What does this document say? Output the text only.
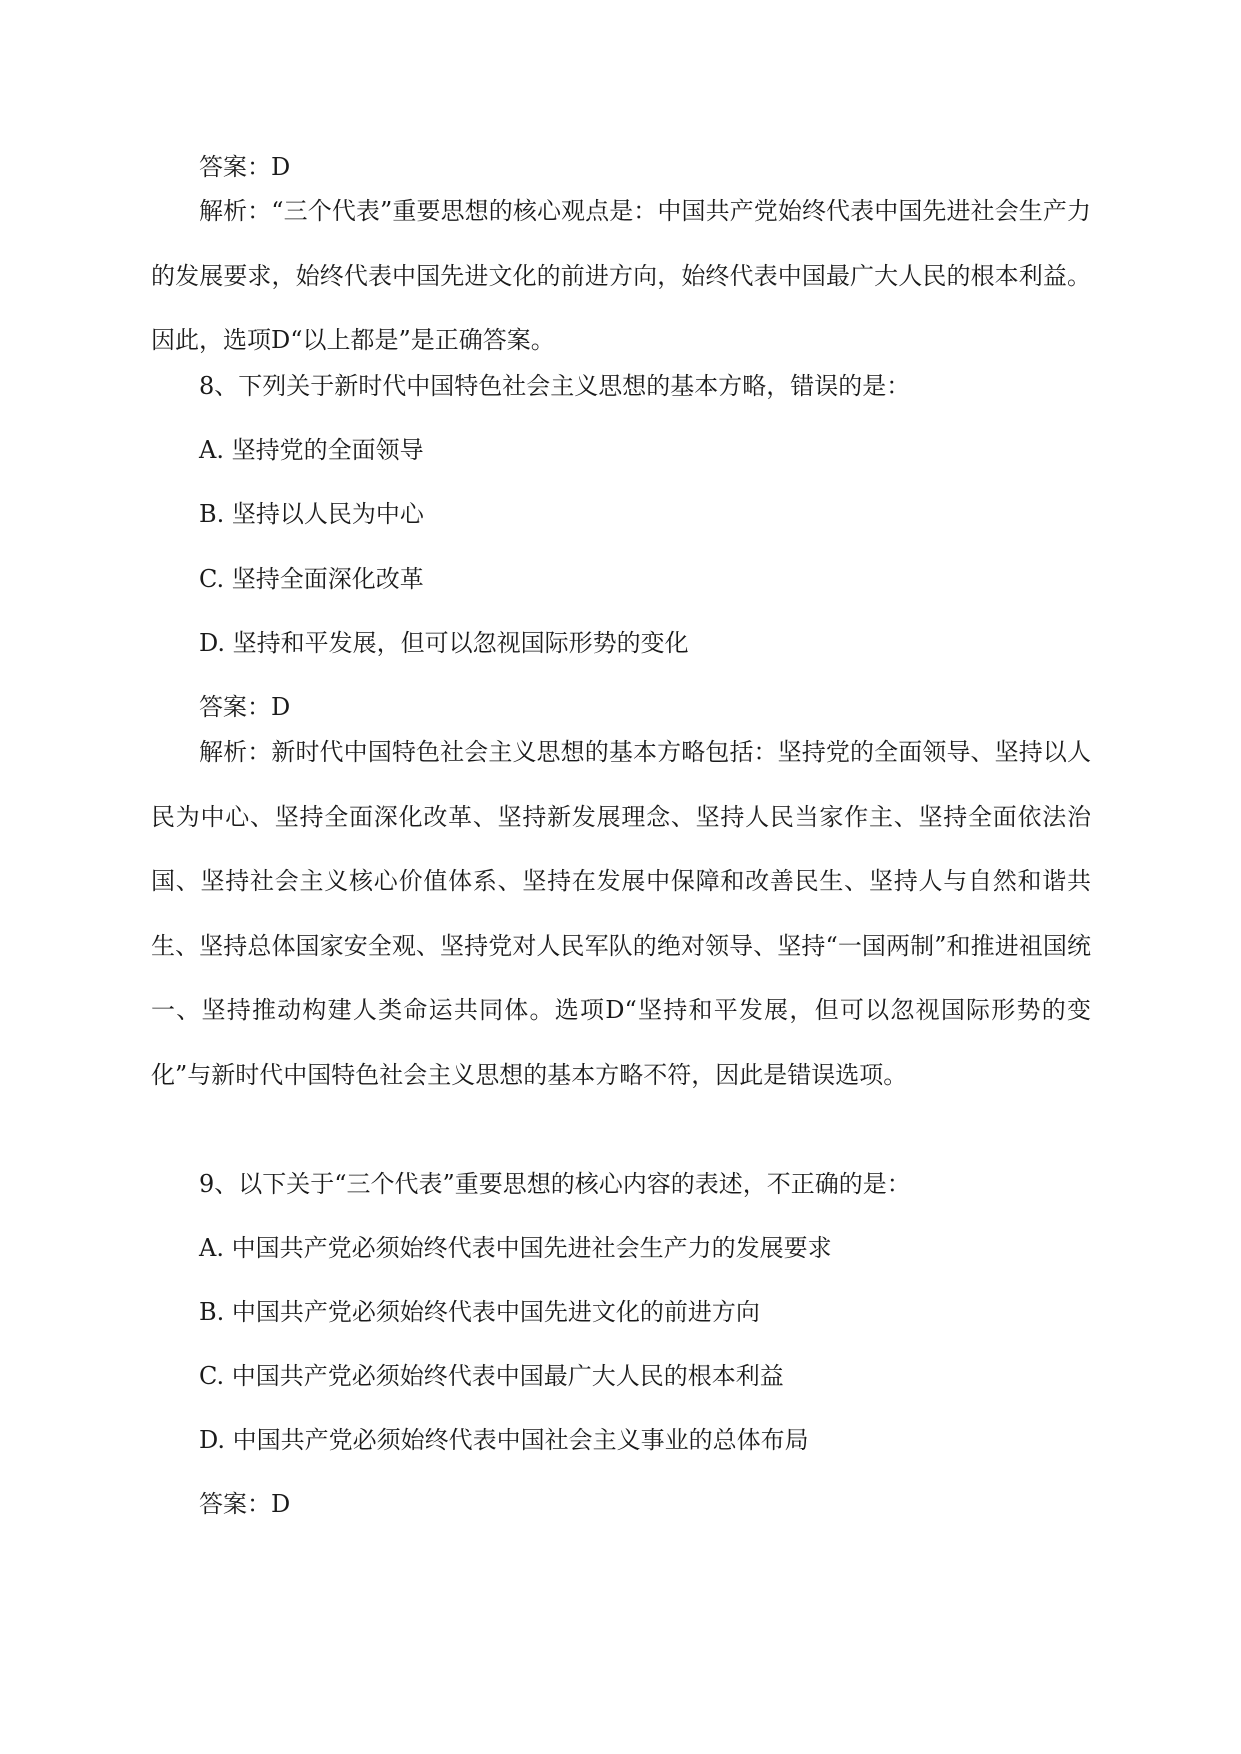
答案：D

解析：“三个代表”重要思想的核心观点是：中国共产党始终代表中国先进社会生产力的发展要求，始终代表中国先进文化的前进方向，始终代表中国最广大人民的根本利益。因此，选项D“以上都是”是正确答案。

8、下列关于新时代中国特色社会主义思想的基本方略，错误的是：
A. 坚持党的全面领导
B. 坚持以人民为中心
C. 坚持全面深化改革
D. 坚持和平发展，但可以忽视国际形势的变化
答案：D

解析：新时代中国特色社会主义思想的基本方略包括：坚持党的全面领导、坚持以人民为中心、坚持全面深化改革、坚持新发展理念、坚持人民当家作主、坚持全面依法治国、坚持社会主义核心价值体系、坚持在发展中保障和改善民生、坚持人与自然和谐共生、坚持总体国家安全观、坚持党对人民军队的绝对领导、坚持“一国两制”和推进祖国统一、坚持推动构建人类命运共同体。选项D“坚持和平发展，但可以忽视国际形势的变化”与新时代中国特色社会主义思想的基本方略不符，因此是错误选项。

9、以下关于“三个代表”重要思想的核心内容的表述，不正确的是：
A. 中国共产党必须始终代表中国先进社会生产力的发展要求
B. 中国共产党必须始终代表中国先进文化的前进方向
C. 中国共产党必须始终代表中国最广大人民的根本利益
D. 中国共产党必须始终代表中国社会主义事业的总体布局
答案：D
